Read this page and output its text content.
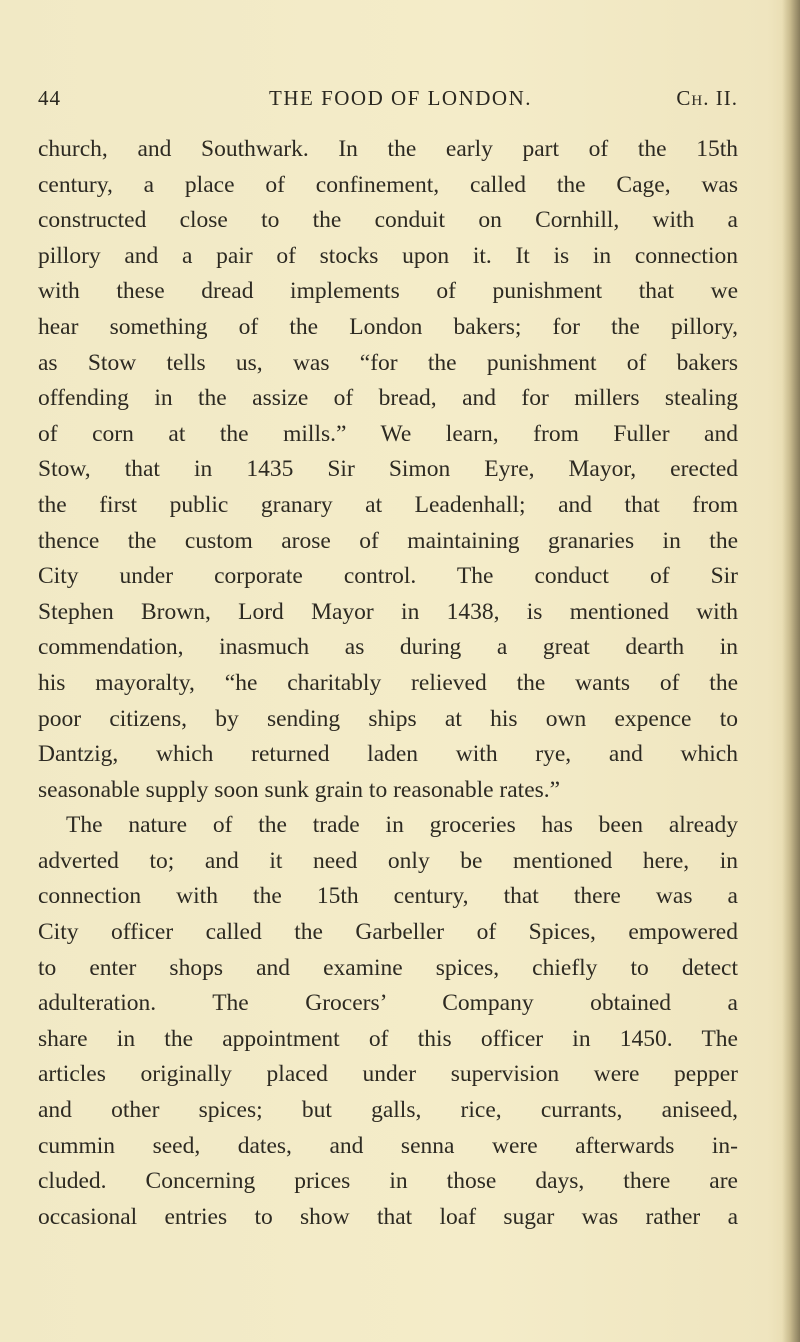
44	THE FOOD OF LONDON.	Ch. II.
church, and Southwark. In the early part of the 15th
century, a place of confinement, called the Cage, was
constructed close to the conduit on Cornhill, with a
pillory and a pair of stocks upon it. It is in connection
with these dread implements of punishment that we
hear something of the London bakers; for the pillory,
as Stow tells us, was “for the punishment of bakers
offending in the assize of bread, and for millers stealing
of corn at the mills.” We learn, from Fuller and
Stow, that in 1435 Sir Simon Eyre, Mayor, erected
the first public granary at Leadenhall; and that from
thence the custom arose of maintaining granaries in the
City under corporate control. The conduct of Sir
Stephen Brown, Lord Mayor in 1438, is mentioned with
commendation, inasmuch as during a great dearth in
his mayoralty, “he charitably relieved the wants of the
poor citizens, by sending ships at his own expence to
Dantzig, which returned laden with rye, and which
seasonable supply soon sunk grain to reasonable rates.”
The nature of the trade in groceries has been already
adverted to; and it need only be mentioned here, in
connection with the 15th century, that there was a
City officer called the Garbeller of Spices, empowered
to enter shops and examine spices, chiefly to detect
adulteration. The Grocers’ Company obtained a
share in the appointment of this officer in 1450. The
articles originally placed under supervision were pepper
and other spices; but galls, rice, currants, aniseed,
cummin seed, dates, and senna were afterwards in-
cluded. Concerning prices in those days, there are
occasional entries to show that loaf sugar was rather a
